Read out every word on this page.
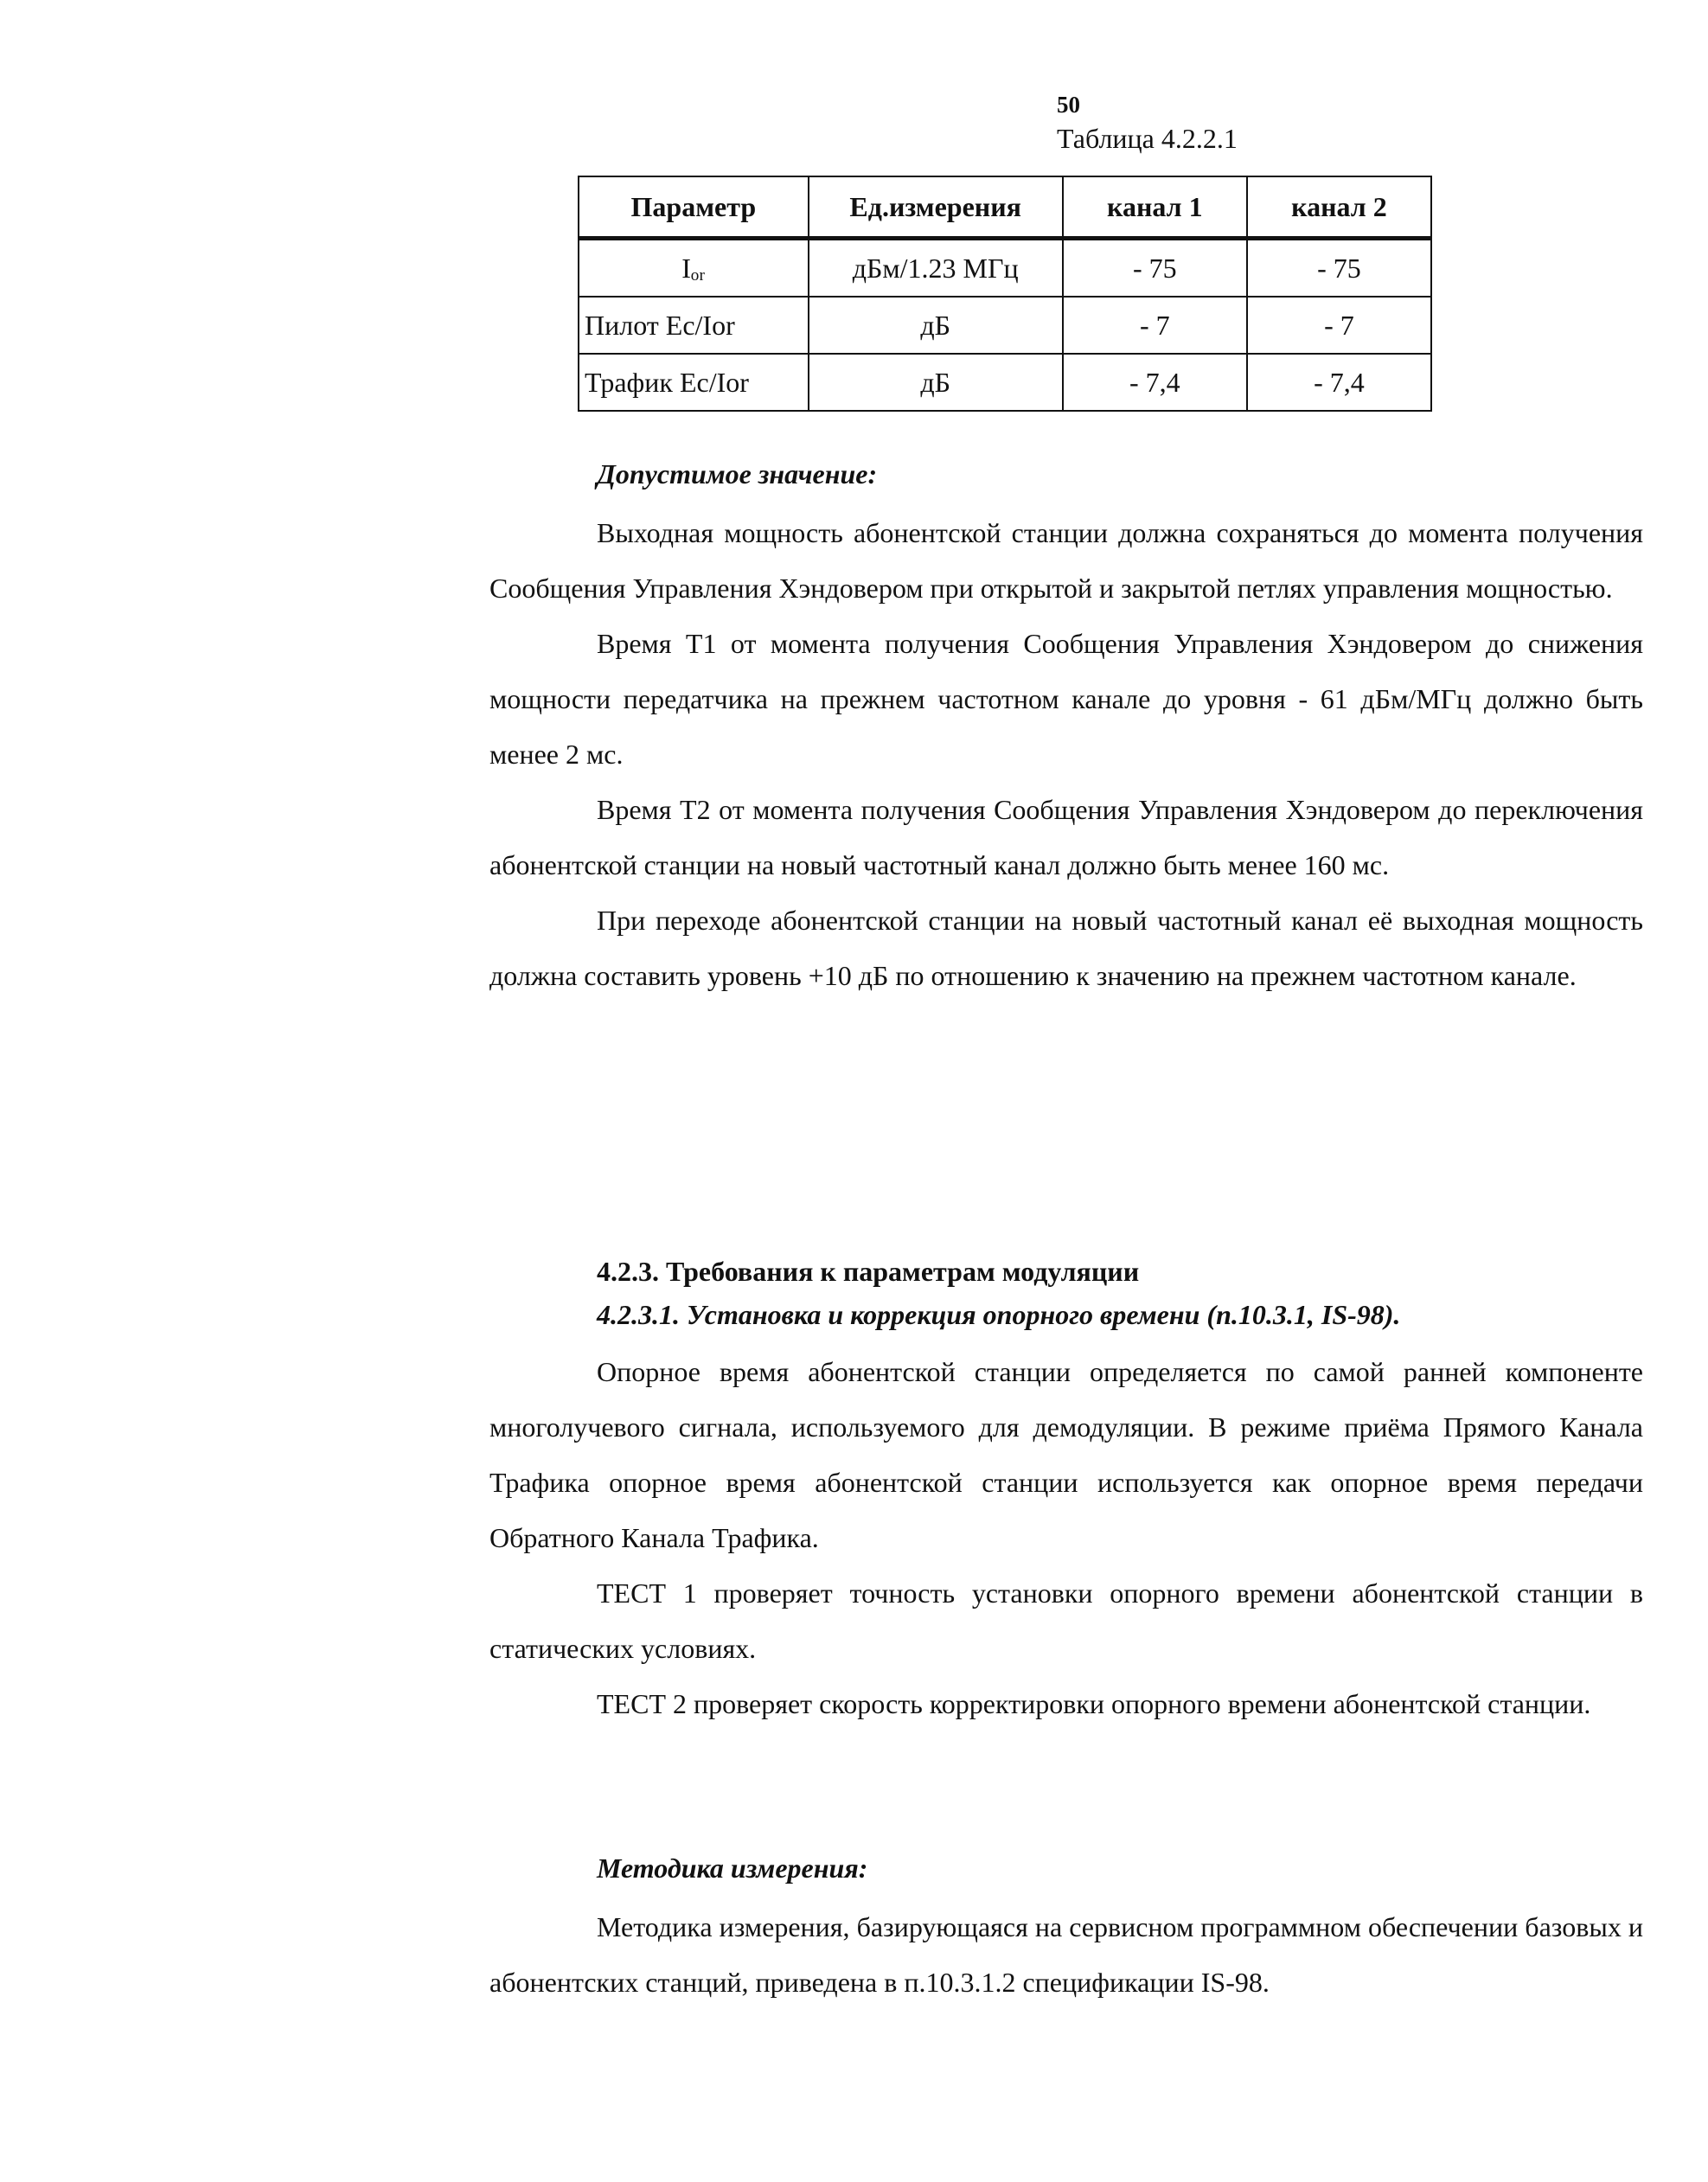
50
Таблица 4.2.2.1
Параметр	Ед.измерения	канал 1	канал 2
Iₒᵣ	дБм/1.23 МГц	- 75	- 75
Пилот Ec/Ior	дБ	- 7	- 7
Трафик Ec/Ior	дБ	- 7,4	- 7,4
Допустимое значение:

Выходная мощность абонентской станции должна сохраняться до момента получения Сообщения Управления Хэндовером при открытой и закрытой петлях управления мощностью.

Время Т1 от момента получения Сообщения Управления Хэндовером до снижения мощности передатчика на прежнем частотном канале до уровня - 61 дБм/МГц должно быть менее 2 мс.

Время Т2 от момента получения Сообщения Управления Хэндовером до переключения абонентской станции на новый частотный канал должно быть менее 160 мс.

При переходе абонентской станции на новый частотный канал её выходная мощность должна составить уровень +10 дБ по отношению к значению на прежнем частотном канале.

4.2.3. Требования к параметрам модуляции
4.2.3.1. Установка и коррекция опорного времени (п.10.3.1, IS-98).

Опорное время абонентской станции определяется по самой ранней компоненте многолучевого сигнала, используемого для демодуляции. В режиме приёма Прямого Канала Трафика опорное время абонентской станции используется как опорное время передачи Обратного Канала Трафика.

ТЕСТ 1 проверяет точность установки опорного времени абонентской станции в статических условиях.

ТЕСТ 2 проверяет скорость корректировки опорного времени абонентской станции.

Методика измерения:

Методика измерения, базирующаяся на сервисном программном обеспечении базовых и абонентских станций, приведена в п.10.3.1.2 спецификации IS-98.
